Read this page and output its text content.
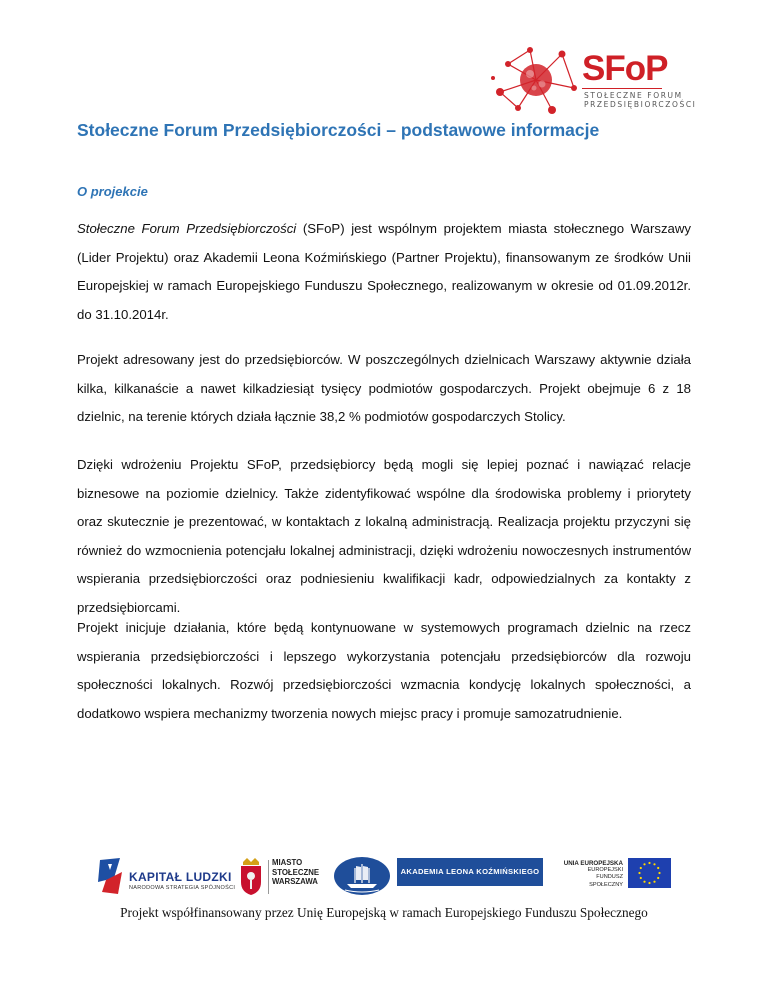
SFoP
STOŁECZNE FORUM
PRZEDSIĘBIORCZOŚCI
Stołeczne Forum Przedsiębiorczości – podstawowe informacje

O projekcie

Stołeczne Forum Przedsiębiorczości (SFoP) jest wspólnym projektem miasta stołecznego Warszawy (Lider Projektu) oraz Akademii Leona Koźmińskiego (Partner Projektu), finansowanym ze środków Unii Europejskiej w ramach Europejskiego Funduszu Społecznego, realizowanym w okresie od 01.09.2012r. do 31.10.2014r.

Projekt adresowany jest do przedsiębiorców. W poszczególnych dzielnicach Warszawy aktywnie działa kilka, kilkanaście a nawet kilkadziesiąt tysięcy podmiotów gospodarczych. Projekt obejmuje 6 z 18 dzielnic, na terenie których działa łącznie 38,2 % podmiotów gospodarczych Stolicy.

Dzięki wdrożeniu Projektu SFoP, przedsiębiorcy będą mogli się lepiej poznać i nawiązać relacje biznesowe na poziomie dzielnicy. Także zidentyfikować wspólne dla środowiska problemy i priorytety oraz skutecznie je prezentować, w kontaktach z lokalną administracją. Realizacja projektu przyczyni się również do wzmocnienia potencjału lokalnej administracji, dzięki wdrożeniu nowoczesnych instrumentów wspierania przedsiębiorczości oraz podniesieniu kwalifikacji kadr, odpowiedzialnych za kontakty z przedsiębiorcami.

Projekt inicjuje działania, które będą kontynuowane w systemowych programach dzielnic na rzecz wspierania przedsiębiorczości i lepszego wykorzystania potencjału przedsiębiorców dla rozwoju społeczności lokalnych. Rozwój przedsiębiorczości wzmacnia kondycję lokalnych społeczności, a dodatkowo wspiera mechanizmy tworzenia nowych miejsc pracy i promuje samozatrudnienie.

KAPITAŁ LUDZKI
NARODOWA STRATEGIA SPÓJNOŚCI
MIASTO
STOŁECZNE
WARSZAWA
AKADEMIA LEONA KOŹMIŃSKIEGO
UNIA EUROPEJSKA
EUROPEJSKI
FUNDUSZ SPOŁECZNY

Projekt współfinansowany przez Unię Europejską w ramach Europejskiego Funduszu Społecznego
